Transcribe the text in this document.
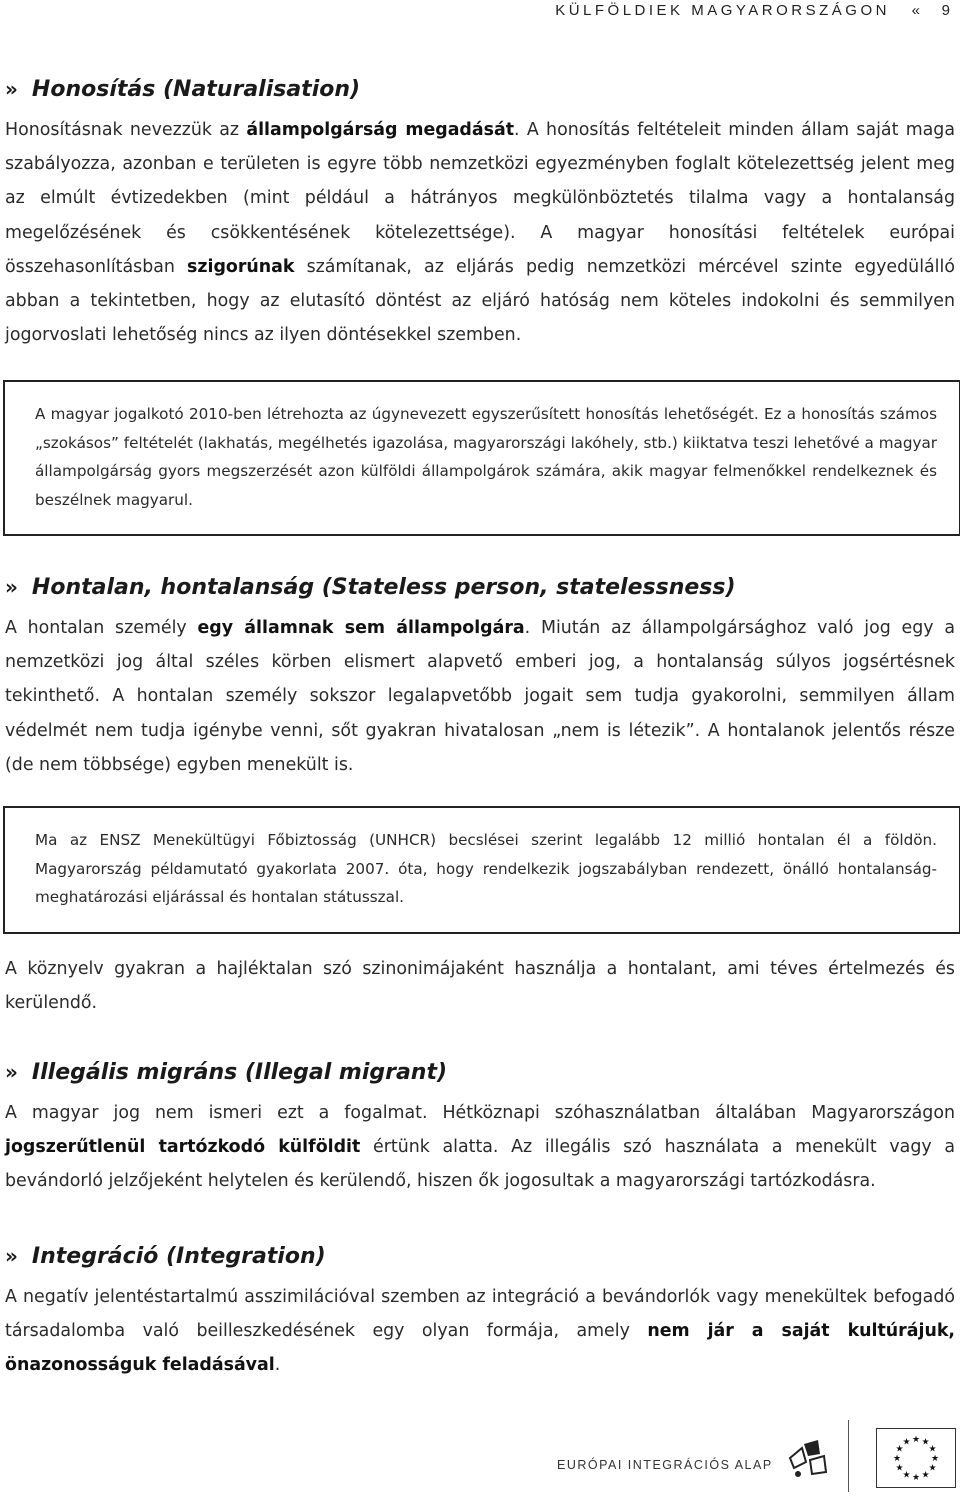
KÜLFÖLDIEK MAGYARORSZÁGON « 9
» Honosítás (Naturalisation)

Honosításnak nevezzük az állampolgárság megadását. A honosítás feltételeit minden állam saját maga szabályozza, azonban e területen is egyre több nemzetközi egyezményben foglalt kötelezettség jelent meg az elmúlt évtizedekben (mint például a hátrányos megkülönböztetés tilalma vagy a hontalanság megelőzésének és csökkentésének kötelezettsége). A magyar honosítási feltételek európai összehasonlításban szigorúnak számítanak, az eljárás pedig nemzetközi mércével szinte egyedülálló abban a tekintetben, hogy az elutasító döntést az eljáró hatóság nem köteles indokolni és semmilyen jogorvoslati lehetőség nincs az ilyen döntésekkel szemben.

A magyar jogalkotó 2010-ben létrehozta az úgynevezett egyszerűsített honosítás lehetőségét. Ez a honosítás számos „szokásos” feltételét (lakhatás, megélhetés igazolása, magyarországi lakóhely, stb.) kiiktatva teszi lehetővé a magyar állampolgárság gyors megszerzését azon külföldi állampolgárok számára, akik magyar felmenőkkel rendelkeznek és beszélnek magyarul.
» Hontalan, hontalanság (Stateless person, statelessness)

A hontalan személy egy államnak sem állampolgára. Miután az állampolgársághoz való jog egy a nemzetközi jog által széles körben elismert alapvető emberi jog, a hontalanság súlyos jogsértésnek tekinthető. A hontalan személy sokszor legalapvetőbb jogait sem tudja gyakorolni, semmilyen állam védelmét nem tudja igénybe venni, sőt gyakran hivatalosan „nem is létezik”. A hontalanok jelentős része (de nem többsége) egyben menekült is.

Ma az ENSZ Menekültügyi Főbiztosság (UNHCR) becslései szerint legalább 12 millió hontalan él a földön. Magyarország példamutató gyakorlata 2007. óta, hogy rendelkezik jogszabályban rendezett, önálló hontalanság-meghatározási eljárással és hontalan státusszal.

A köznyelv gyakran a hajléktalan szó szinonimájaként használja a hontalant, ami téves értelmezés és kerülendő.

» Illegális migráns (Illegal migrant)

A magyar jog nem ismeri ezt a fogalmat. Hétköznapi szóhasználatban általában Magyarországon jogszerűtlenül tartózkodó külföldit értünk alatta. Az illegális szó használata a menekült vagy a bevándorló jelzőjeként helytelen és kerülendő, hiszen ők jogosultak a magyarországi tartózkodásra.

» Integráció (Integration)

A negatív jelentéstartalmú asszimilációval szemben az integráció a bevándorlók vagy menekültek befogadó társadalomba való beilleszkedésének egy olyan formája, amely nem jár a saját kultúrájuk, önazonosságuk feladásával.

EURÓPAI INTEGRÁCIÓS ALAP
★ ★
★
★
★
★
★
★
★
★
★
★
